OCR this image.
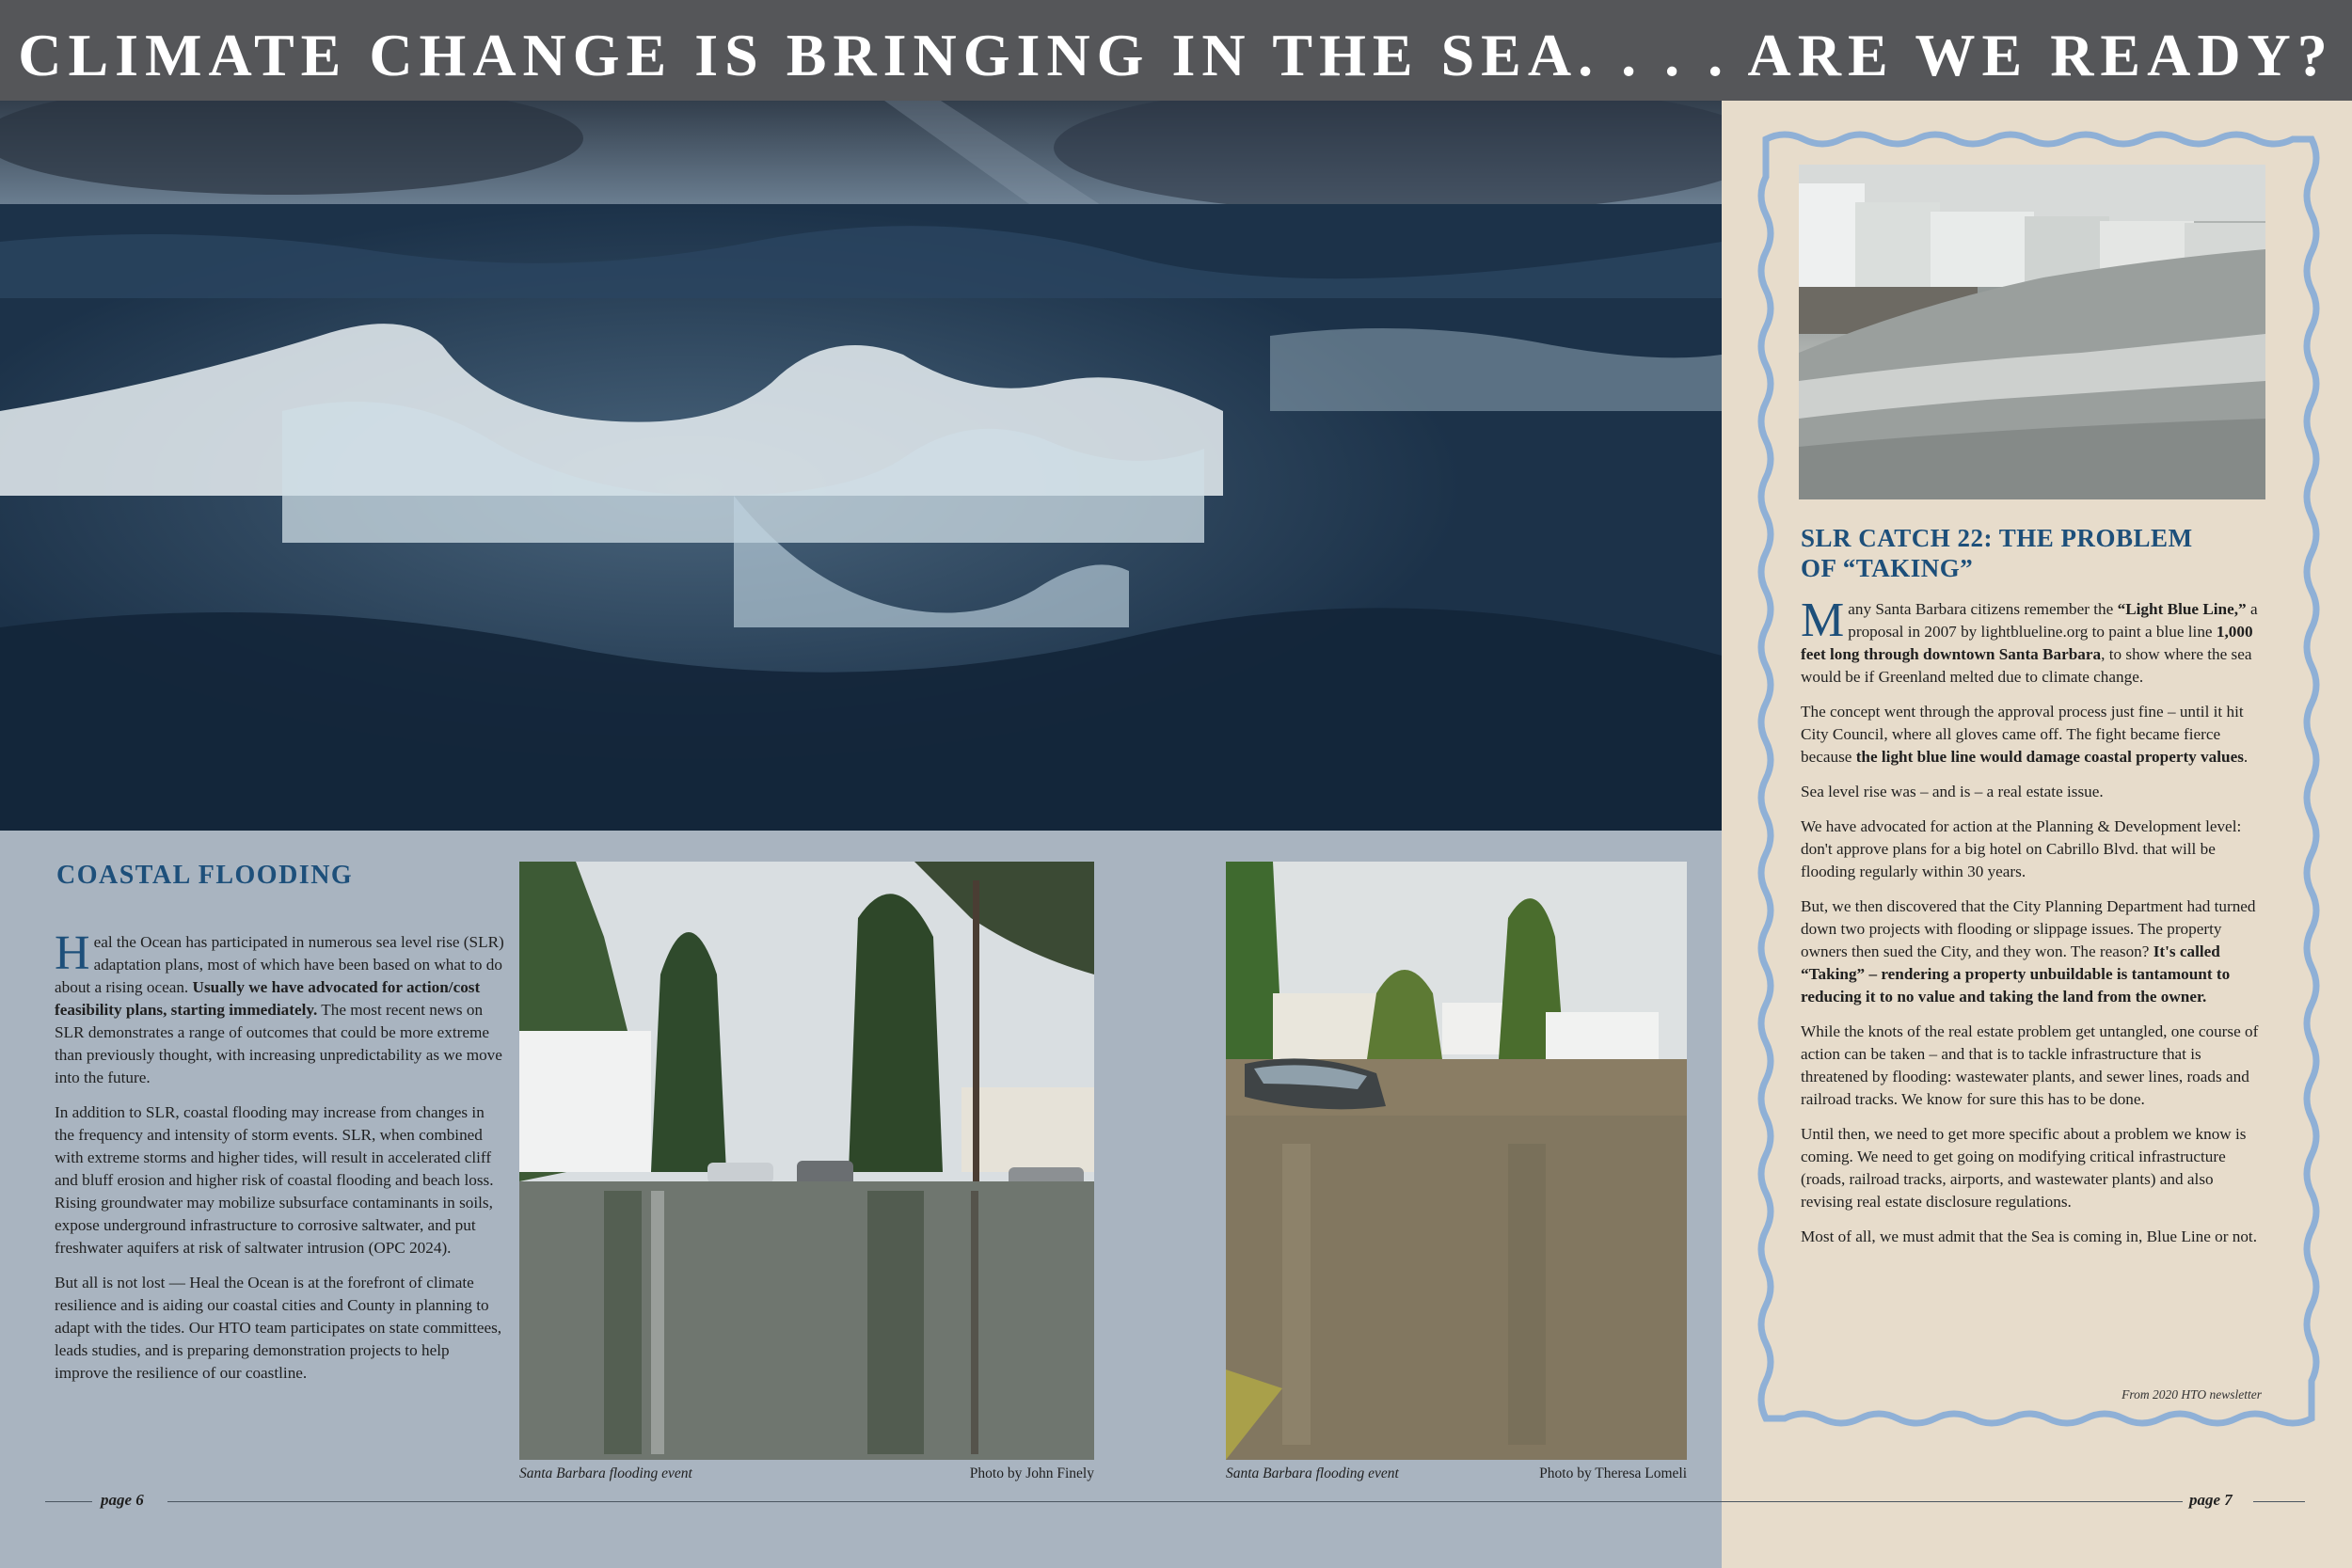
CLIMATE CHANGE IS BRINGING IN THE SEA. . . . ARE WE READY?
SLR CATCH 22: THE PROBLEM
OF “TAKING”

Many Santa Barbara citizens remember the “Light Blue Line,” a proposal in 2007 by lightblueline.org to paint a blue line 1,000 feet long through downtown Santa Barbara, to show where the sea would be if Greenland melted due to climate change.

The concept went through the approval process just fine – until it hit City Council, where all gloves came off. The fight became fierce because the light blue line would damage coastal property values.

Sea level rise was – and is – a real estate issue.

We have advocated for action at the Planning & Development level: don't approve plans for a big hotel on Cabrillo Blvd. that will be flooding regularly within 30 years.

But, we then discovered that the City Planning Department had turned down two projects with flooding or slippage issues. The property owners then sued the City, and they won. The reason? It's called “Taking” – rendering a property unbuildable is tantamount to reducing it to no value and taking the land from the owner.

While the knots of the real estate problem get untangled, one course of action can be taken – and that is to tackle infrastructure that is threatened by flooding: wastewater plants, and sewer lines, roads and railroad tracks. We know for sure this has to be done.

Until then, we need to get more specific about a problem we know is coming. We need to get going on modifying critical infrastructure (roads, railroad tracks, airports, and wastewater plants) and also revising real estate disclosure regulations.

Most of all, we must admit that the Sea is coming in, Blue Line or not.

From 2020 HTO newsletter
COASTAL FLOODING

Heal the Ocean has participated in numerous sea level rise (SLR) adaptation plans, most of which have been based on what to do about a rising ocean. Usually we have advocated for action/cost feasibility plans, starting immediately. The most recent news on SLR demonstrates a range of outcomes that could be more extreme than previously thought, with increasing unpredictability as we move into the future.

In addition to SLR, coastal flooding may increase from changes in the frequency and intensity of storm events. SLR, when combined with extreme storms and higher tides, will result in accelerated cliff and bluff erosion and higher risk of coastal flooding and beach loss. Rising groundwater may mobilize subsurface contaminants in soils, expose underground infrastructure to corrosive saltwater, and put freshwater aquifers at risk of saltwater intrusion (OPC 2024).

But all is not lost — Heal the Ocean is at the forefront of climate resilience and is aiding our coastal cities and County in planning to adapt with the tides. Our HTO team participates on state committees, leads studies, and is preparing demonstration projects to help improve the resilience of our coastline.

Santa Barbara flooding event	Photo by John Finely	Santa Barbara flooding event	Photo by Theresa Lomeli
page 6	page 7
